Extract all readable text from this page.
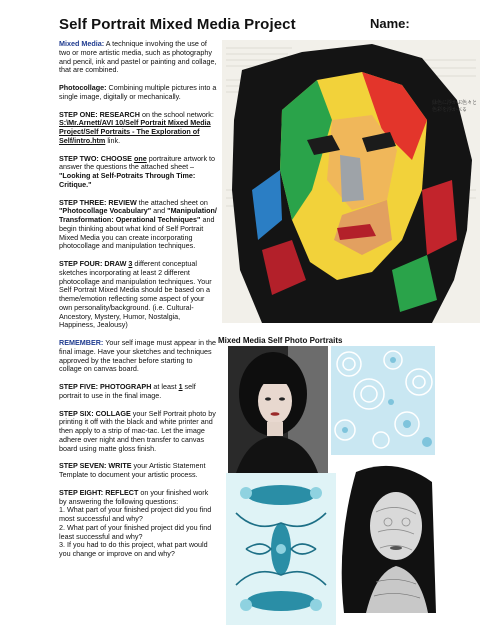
Self Portrait Mixed Media Project	Name:

Mixed Media: A technique involving the use of two or more artistic media, such as photography and pencil, ink and pastel or painting and collage, that are combined.

Photocollage: Combining multiple pictures into a single image, digitally or mechanically.

STEP ONE: RESEARCH on the school network: S:\Mr.Arnett/AVI 10/Self Portrait Mixed Media Project/Self Portraits - The Exploration of Self/intro.htm link.

STEP TWO: CHOOSE one portraiture artwork to answer the questions the attached sheet – "Looking at Self-Potraits Through Time: Critique."

STEP THREE: REVIEW the attached sheet on "Photocollage Vocabulary" and "Manipulation/ Transformation: Operational Techniques" and begin thinking about what kind of Self Portrait Mixed Media you can create incorporating photocollage and manipulation techniques.

STEP FOUR: DRAW 3 different conceptual sketches incorporating at least 2 different photocollage and manipulation techniques. Your Self Portrait Mixed Media should be based on a theme/emotion reflecting some aspect of your own personality/background. (i.e. Cultural-Ancestory, Mystery, Humor, Nostalgia, Happiness, Jealousy)

REMEMBER: Your self image must appear in the final image. Have your sketches and techniques approved by the teacher before starting to collage on canvas board.

STEP FIVE: PHOTOGRAPH at least 1 self portrait to use in the final image.

STEP SIX: COLLAGE your Self Portrait photo by printing it off with the black and white printer and then apply to a strip of mac-tac. Let the image adhere over night and then transfer to canvas board using matte gloss finish.

STEP SEVEN: WRITE your Artistic Statement Template to document your artistic process.

STEP EIGHT: REFLECT on your finished work by answering the following questions:
1. What part of your finished project did you find most successful and why?
2. What part of your finished project did you find least successful and why?
3. If you had to do this project, what part would you change or improve on and why?

緑色に浮かぶ色々と
色彩を浮かべる
Mixed Media Self Photo Portraits
